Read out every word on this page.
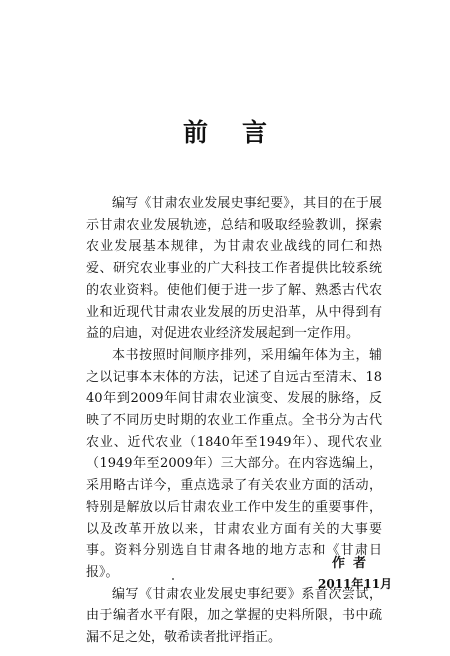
前言

编写《甘肃农业发展史事纪要》，其目的在于展示甘肃农业发展轨迹，总结和吸取经验教训，探索农业发展基本规律，为甘肃农业战线的同仁和热爱、研究农业事业的广大科技工作者提供比较系统的农业资料。使他们便于进一步了解、熟悉古代农业和近现代甘肃农业发展的历史沿革，从中得到有益的启迪，对促进农业经济发展起到一定作用。

本书按照时间顺序排列，采用编年体为主，辅之以记事本末体的方法，记述了自远古至清末、1840年到2009年间甘肃农业演变、发展的脉络，反映了不同历史时期的农业工作重点。全书分为古代农业、近代农业（1840年至1949年）、现代农业（1949年至2009年）三大部分。在内容选编上，采用略古详今，重点选录了有关农业方面的活动，特别是解放以后甘肃农业工作中发生的重要事件，以及改革开放以来，甘肃农业方面有关的大事要事。资料分别选自甘肃各地的地方志和《甘肃日报》。

编写《甘肃农业发展史事纪要》系首次尝试，由于编者水平有限，加之掌握的史料所限，书中疏漏不足之处，敬希读者批评指正。

作者
2011年11月
